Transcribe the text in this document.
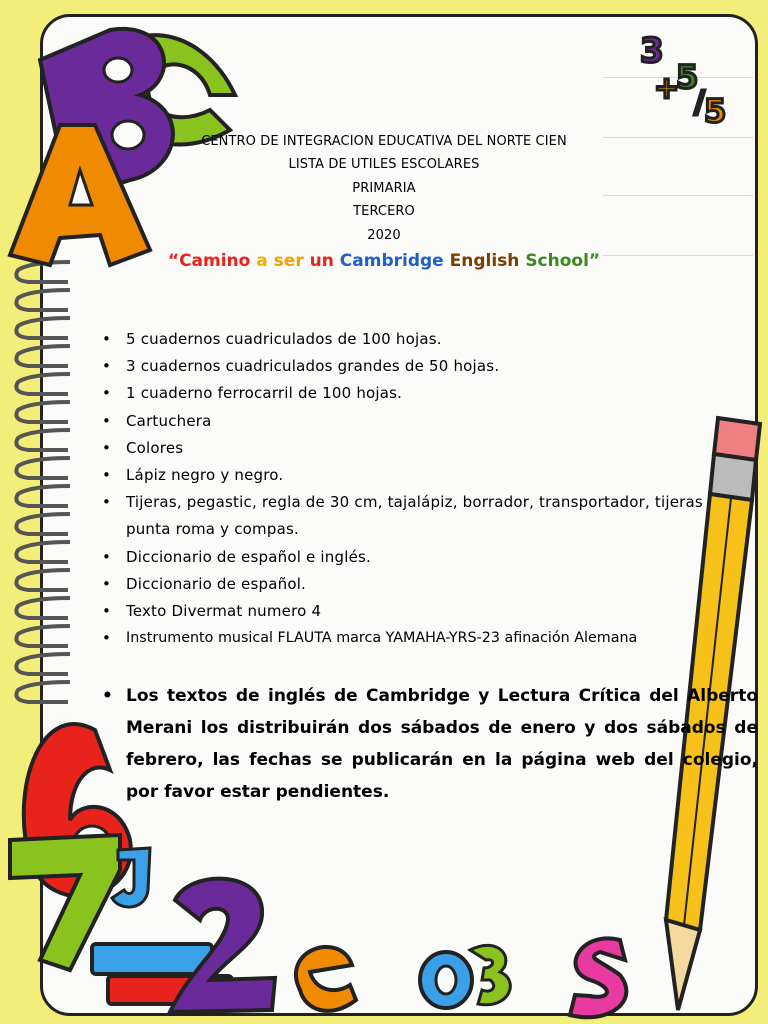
3
+
5
/ 5
CENTRO DE INTEGRACION EDUCATIVA DEL NORTE CIEN
LISTA DE UTILES ESCOLARES
PRIMARIA
TERCERO
2020
“Camino a ser un Cambridge English School”
• 5 cuadernos cuadriculados de 100 hojas.
• 3 cuadernos cuadriculados grandes de 50 hojas.
• 1 cuaderno ferrocarril de 100 hojas.
• Cartuchera
• Colores
• Lápiz negro y negro.
• Tijeras, pegastic, regla de 30 cm, tajalápiz, borrador, transportador, tijeras punta roma y compas.
• Diccionario de español e inglés.
• Diccionario de español.
• Texto Divermat numero 4
• Instrumento musical FLAUTA marca YAMAHA-YRS-23 afinación Alemana
• Los textos de inglés de Cambridge y Lectura Crítica del Alberto Merani los distribuirán dos sábados de enero y dos sábados de febrero, las fechas se publicarán en la página web del colegio, por favor estar pendientes.
